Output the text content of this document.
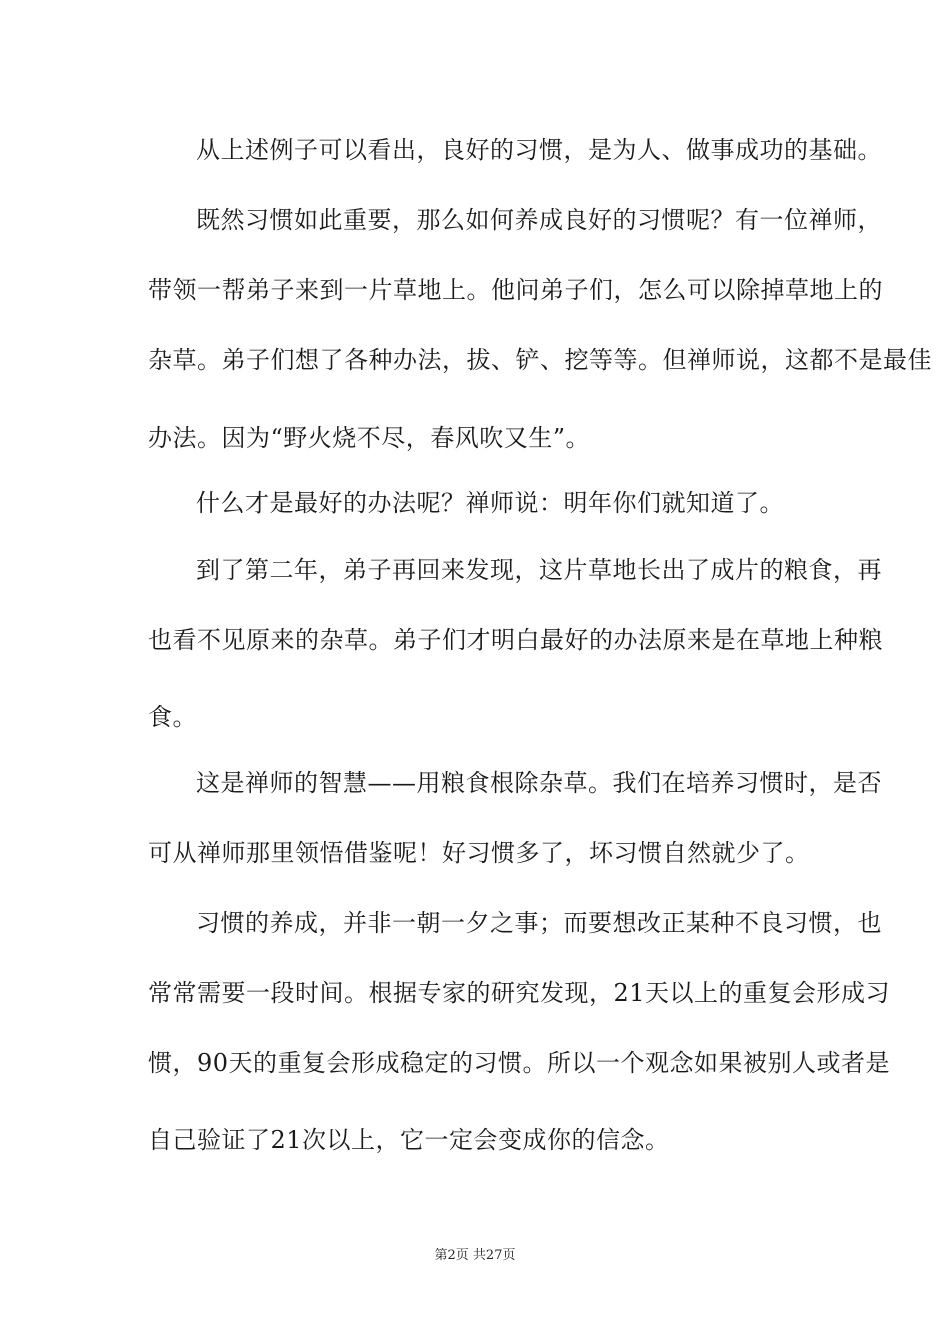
从上述例子可以看出，良好的习惯，是为人、做事成功的基础。
既然习惯如此重要，那么如何养成良好的习惯呢？有一位禅师，
带领一帮弟子来到一片草地上。他问弟子们，怎么可以除掉草地上的
杂草。弟子们想了各种办法，拔、铲、挖等等。但禅师说，这都不是最佳
办法。因为“野火烧不尽，春风吹又生”。
什么才是最好的办法呢？禅师说：明年你们就知道了。
到了第二年，弟子再回来发现，这片草地长出了成片的粮食，再
也看不见原来的杂草。弟子们才明白最好的办法原来是在草地上种粮
食。
这是禅师的智慧——用粮食根除杂草。我们在培养习惯时，是否
可从禅师那里领悟借鉴呢！好习惯多了，坏习惯自然就少了。
习惯的养成，并非一朝一夕之事；而要想改正某种不良习惯，也
常常需要一段时间。根据专家的研究发现，21天以上的重复会形成习
惯，90天的重复会形成稳定的习惯。所以一个观念如果被别人或者是
自己验证了21次以上，它一定会变成你的信念。
第2页 共27页
